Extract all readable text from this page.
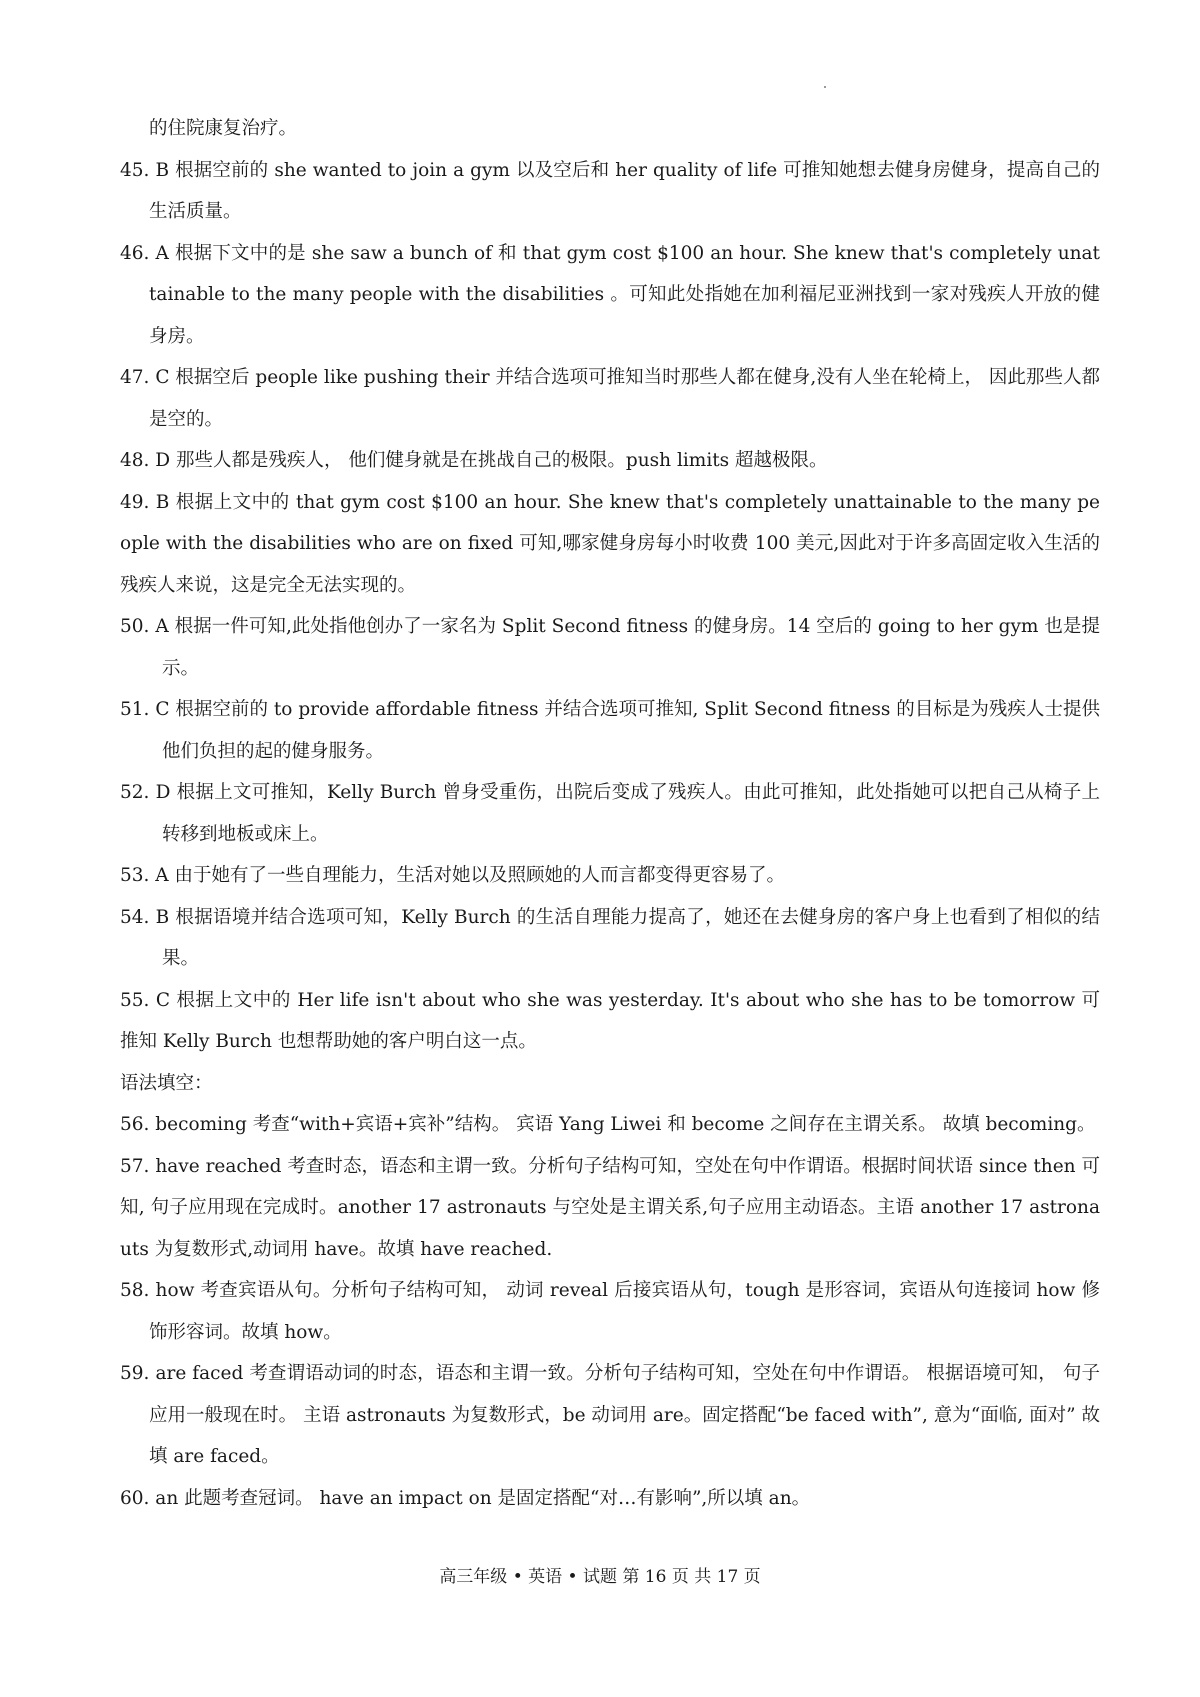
的住院康复治疗。

45. B 根据空前的 she wanted to join a gym 以及空后和 her quality of life 可推知她想去健身房健身，提高自己的生活质量。

46. A 根据下文中的是 she saw a bunch of 和 that gym cost $100 an hour. She knew that's completely unattainable to the many people with the disabilities 。可知此处指她在加利福尼亚洲找到一家对残疾人开放的健身房。

47. C 根据空后 people like pushing their 并结合选项可推知当时那些人都在健身,没有人坐在轮椅上， 因此那些人都是空的。

48. D 那些人都是残疾人， 他们健身就是在挑战自己的极限。push limits 超越极限。

49. B 根据上文中的 that gym cost $100 an hour. She knew that's completely unattainable to the many people with the disabilities who are on fixed 可知,哪家健身房每小时收费 100 美元,因此对于许多高固定收入生活的残疾人来说，这是完全无法实现的。

50. A 根据一件可知,此处指他创办了一家名为 Split Second fitness 的健身房。14 空后的 going to her gym 也是提示。

51. C 根据空前的 to provide affordable fitness 并结合选项可推知, Split Second fitness 的目标是为残疾人士提供他们负担的起的健身服务。

52. D 根据上文可推知，Kelly Burch 曾身受重伤，出院后变成了残疾人。由此可推知，此处指她可以把自己从椅子上转移到地板或床上。

53. A 由于她有了一些自理能力，生活对她以及照顾她的人而言都变得更容易了。

54. B 根据语境并结合选项可知，Kelly Burch 的生活自理能力提高了，她还在去健身房的客户身上也看到了相似的结果。

55. C 根据上文中的 Her life isn't about who she was yesterday. It's about who she has to be tomorrow 可推知 Kelly Burch 也想帮助她的客户明白这一点。

语法填空：

56. becoming 考查“with+宾语+宾补”结构。 宾语 Yang Liwei 和 become 之间存在主谓关系。 故填 becoming。

57. have reached 考查时态，语态和主谓一致。分析句子结构可知，空处在句中作谓语。根据时间状语 since then 可知, 句子应用现在完成时。another 17 astronauts 与空处是主谓关系,句子应用主动语态。主语 another 17 astronauts 为复数形式,动词用 have。故填 have reached.

58. how 考查宾语从句。分析句子结构可知， 动词 reveal 后接宾语从句，tough 是形容词，宾语从句连接词 how 修饰形容词。故填 how。

59. are faced 考查谓语动词的时态，语态和主谓一致。分析句子结构可知，空处在句中作谓语。 根据语境可知， 句子应用一般现在时。 主语 astronauts 为复数形式，be 动词用 are。固定搭配“be faced with”, 意为“面临, 面对” 故填 are faced。

60. an 此题考查冠词。 have an impact on 是固定搭配“对…有影响”,所以填 an。

高三年级 • 英语 • 试题 第 16 页 共 17 页
